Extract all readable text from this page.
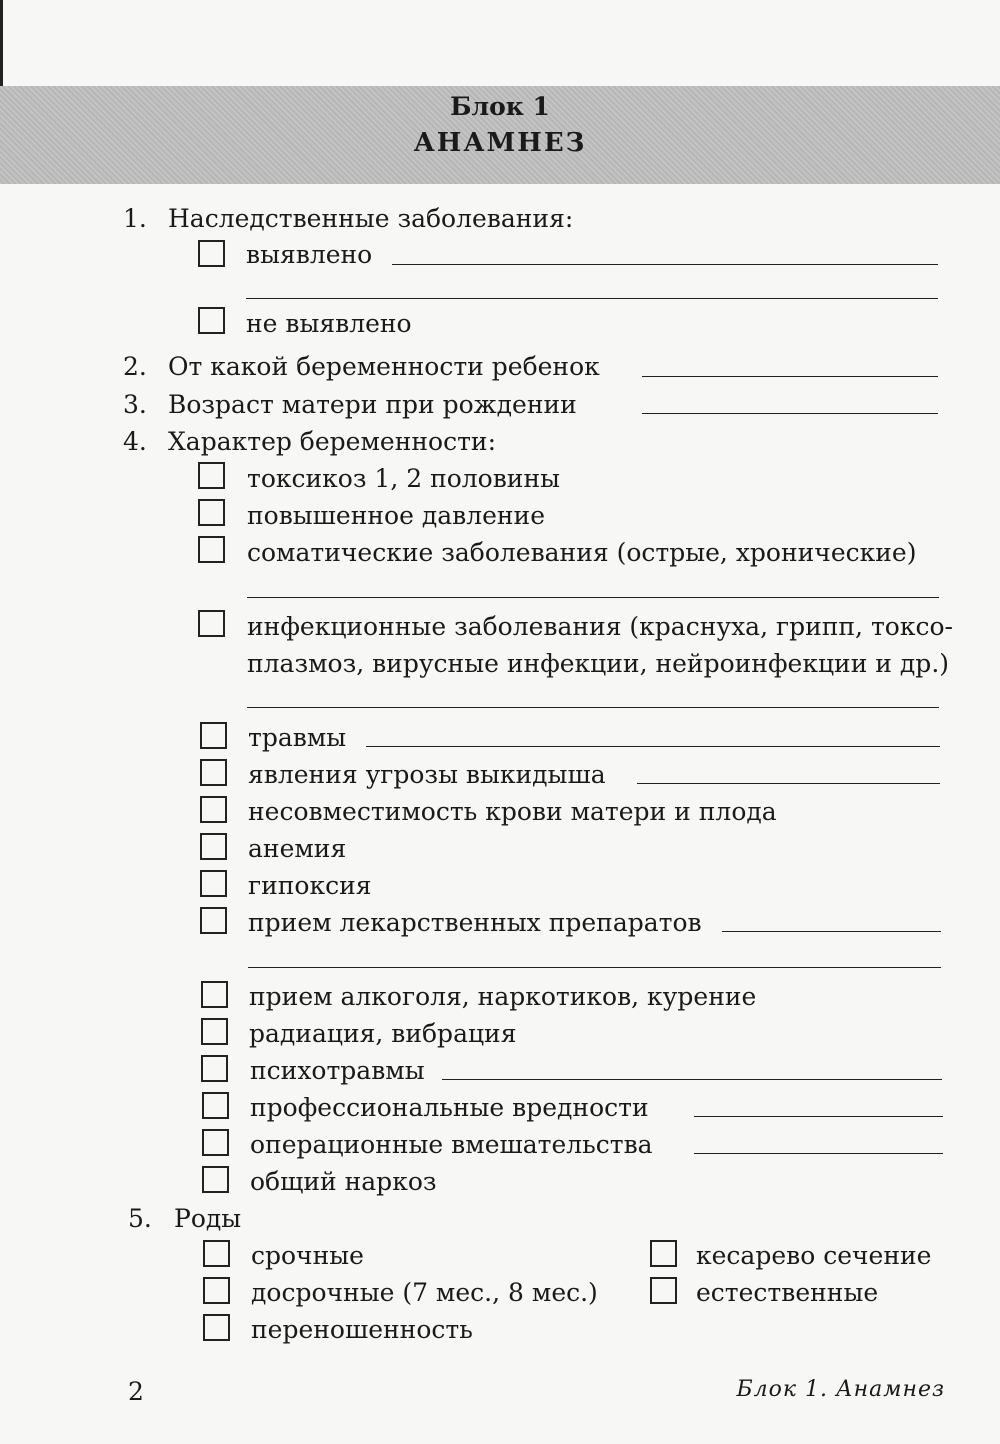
Блок 1
АНАМНЕЗ
1. Наследственные заболевания:
выявлено
не выявлено
2. От какой беременности ребенок
3. Возраст матери при рождении
4. Характер беременности:
токсикоз 1, 2 половины
повышенное давление
соматические заболевания (острые, хронические)
инфекционные заболевания (краснуха, грипп, токсо-
плазмоз, вирусные инфекции, нейроинфекции и др.)
травмы
явления угрозы выкидыша
несовместимость крови матери и плода
анемия
гипоксия
прием лекарственных препаратов
прием алкоголя, наркотиков, курение
радиация, вибрация
психотравмы
профессиональные вредности
операционные вмешательства
общий наркоз
5. Роды
срочные
досрочные (7 мес., 8 мес.)
переношенность
кесарево сечение
естественные
2	Блок 1. Анамнез
